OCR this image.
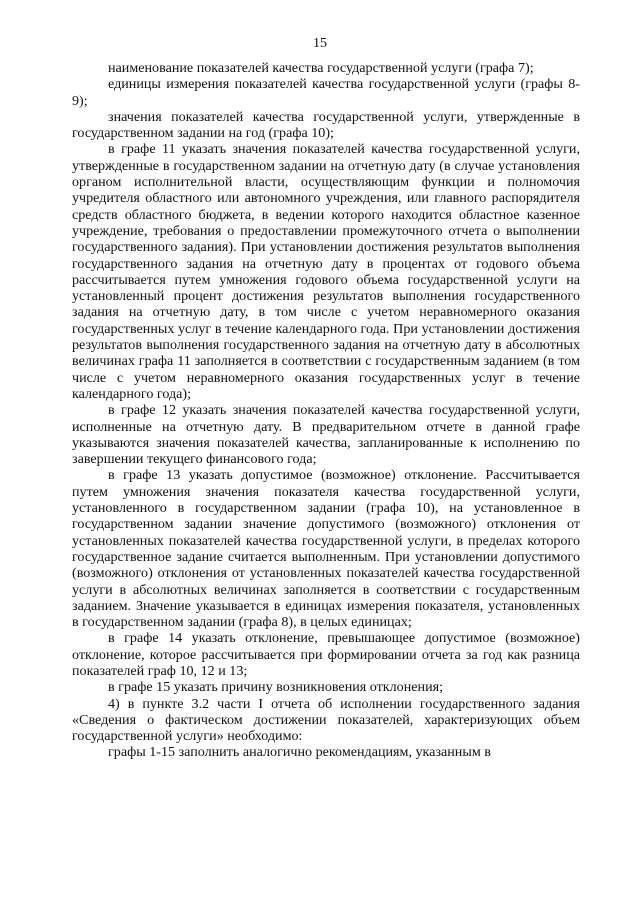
15

наименование показателей качества государственной услуги (графа 7);

единицы измерения показателей качества государственной услуги (графы 8-9);

значения показателей качества государственной услуги, утвержденные в государственном задании на год (графа 10);

в графе 11 указать значения показателей качества государственной услуги, утвержденные в государственном задании на отчетную дату (в случае установления органом исполнительной власти, осуществляющим функции и полномочия учредителя областного или автономного учреждения, или главного распорядителя средств областного бюджета, в ведении которого находится областное казенное учреждение, требования о предоставлении промежуточного отчета о выполнении государственного задания). При установлении достижения результатов выполнения государственного задания на отчетную дату в процентах от годового объема рассчитывается путем умножения годового объема государственной услуги на установленный процент достижения результатов выполнения государственного задания на отчетную дату, в том числе с учетом неравномерного оказания государственных услуг в течение календарного года. При установлении достижения результатов выполнения государственного задания на отчетную дату в абсолютных величинах графа 11 заполняется в соответствии с государственным заданием (в том числе с учетом неравномерного оказания государственных услуг в течение календарного года);

в графе 12 указать значения показателей качества государственной услуги, исполненные на отчетную дату. В предварительном отчете в данной графе указываются значения показателей качества, запланированные к исполнению по завершении текущего финансового года;

в графе 13 указать допустимое (возможное) отклонение. Рассчитывается путем умножения значения показателя качества государственной услуги, установленного в государственном задании (графа 10), на установленное в государственном задании значение допустимого (возможного) отклонения от установленных показателей качества государственной услуги, в пределах которого государственное задание считается выполненным. При установлении допустимого (возможного) отклонения от установленных показателей качества государственной услуги в абсолютных величинах заполняется в соответствии с государственным заданием. Значение указывается в единицах измерения показателя, установленных в государственном задании (графа 8), в целых единицах;

в графе 14 указать отклонение, превышающее допустимое (возможное) отклонение, которое рассчитывается при формировании отчета за год как разница показателей граф 10, 12 и 13;

в графе 15 указать причину возникновения отклонения;

4) в пункте 3.2 части I отчета об исполнении государственного задания «Сведения о фактическом достижении показателей, характеризующих объем государственной услуги» необходимо:

графы 1-15 заполнить аналогично рекомендациям, указанным в
